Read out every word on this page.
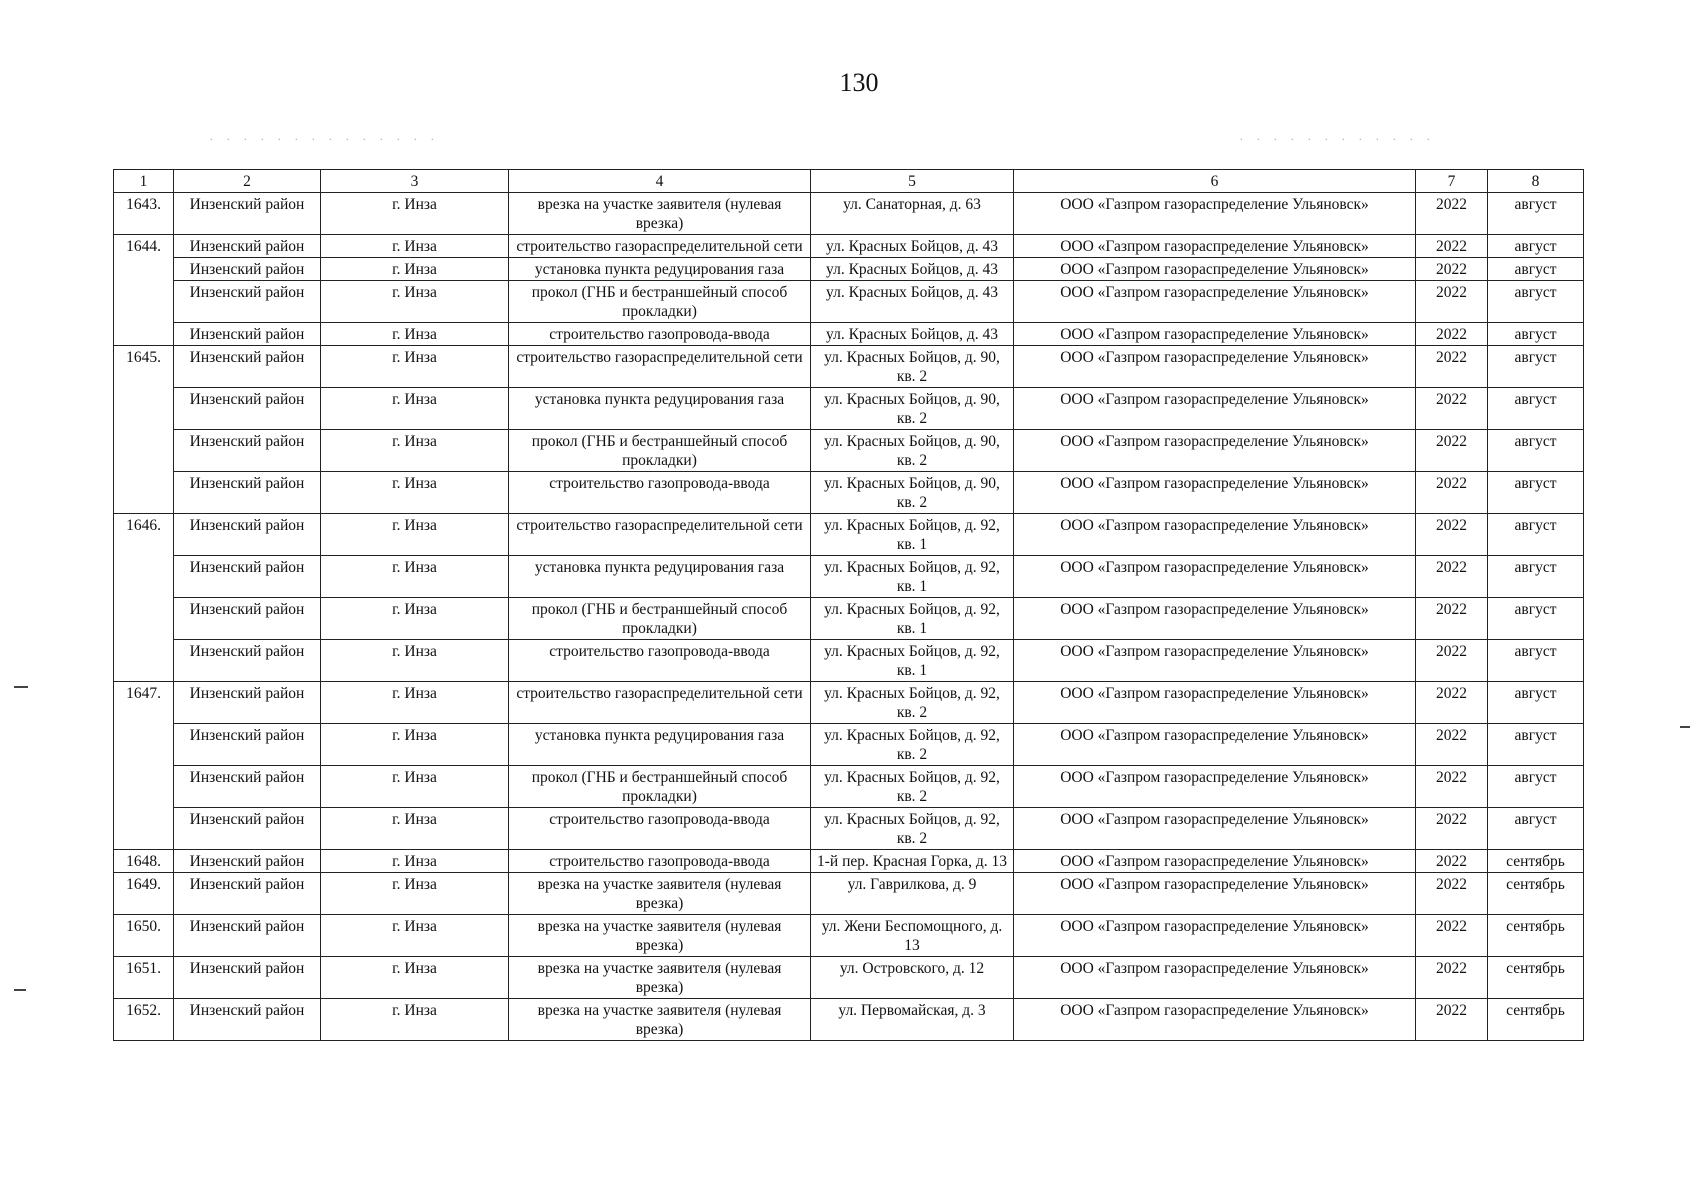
130
. . . . . . . . . . . . . .	. . . . . . . . . . . .
1	2	3	4	5	6	7	8
1643.	Инзенский район	г. Инза	врезка на участке заявителя (нулевая врезка)	ул. Санаторная, д. 63	ООО «Газпром газораспределение Ульяновск»	2022	август
1644.	Инзенский район	г. Инза	строительство газораспределительной сети	ул. Красных Бойцов, д. 43	ООО «Газпром газораспределение Ульяновск»	2022	август
	Инзенский район	г. Инза	установка пункта редуцирования газа	ул. Красных Бойцов, д. 43	ООО «Газпром газораспределение Ульяновск»	2022	август
	Инзенский район	г. Инза	прокол (ГНБ и бестраншейный способ прокладки)	ул. Красных Бойцов, д. 43	ООО «Газпром газораспределение Ульяновск»	2022	август
	Инзенский район	г. Инза	строительство газопровода-ввода	ул. Красных Бойцов, д. 43	ООО «Газпром газораспределение Ульяновск»	2022	август
1645.	Инзенский район	г. Инза	строительство газораспределительной сети	ул. Красных Бойцов, д. 90, кв. 2	ООО «Газпром газораспределение Ульяновск»	2022	август
	Инзенский район	г. Инза	установка пункта редуцирования газа	ул. Красных Бойцов, д. 90, кв. 2	ООО «Газпром газораспределение Ульяновск»	2022	август
	Инзенский район	г. Инза	прокол (ГНБ и бестраншейный способ прокладки)	ул. Красных Бойцов, д. 90, кв. 2	ООО «Газпром газораспределение Ульяновск»	2022	август
	Инзенский район	г. Инза	строительство газопровода-ввода	ул. Красных Бойцов, д. 90, кв. 2	ООО «Газпром газораспределение Ульяновск»	2022	август
1646.	Инзенский район	г. Инза	строительство газораспределительной сети	ул. Красных Бойцов, д. 92, кв. 1	ООО «Газпром газораспределение Ульяновск»	2022	август
	Инзенский район	г. Инза	установка пункта редуцирования газа	ул. Красных Бойцов, д. 92, кв. 1	ООО «Газпром газораспределение Ульяновск»	2022	август
	Инзенский район	г. Инза	прокол (ГНБ и бестраншейный способ прокладки)	ул. Красных Бойцов, д. 92, кв. 1	ООО «Газпром газораспределение Ульяновск»	2022	август
	Инзенский район	г. Инза	строительство газопровода-ввода	ул. Красных Бойцов, д. 92, кв. 1	ООО «Газпром газораспределение Ульяновск»	2022	август
1647.	Инзенский район	г. Инза	строительство газораспределительной сети	ул. Красных Бойцов, д. 92, кв. 2	ООО «Газпром газораспределение Ульяновск»	2022	август
	Инзенский район	г. Инза	установка пункта редуцирования газа	ул. Красных Бойцов, д. 92, кв. 2	ООО «Газпром газораспределение Ульяновск»	2022	август
	Инзенский район	г. Инза	прокол (ГНБ и бестраншейный способ прокладки)	ул. Красных Бойцов, д. 92, кв. 2	ООО «Газпром газораспределение Ульяновск»	2022	август
	Инзенский район	г. Инза	строительство газопровода-ввода	ул. Красных Бойцов, д. 92, кв. 2	ООО «Газпром газораспределение Ульяновск»	2022	август
1648.	Инзенский район	г. Инза	строительство газопровода-ввода	1-й пер. Красная Горка, д. 13	ООО «Газпром газораспределение Ульяновск»	2022	сентябрь
1649.	Инзенский район	г. Инза	врезка на участке заявителя (нулевая врезка)	ул. Гаврилкова, д. 9	ООО «Газпром газораспределение Ульяновск»	2022	сентябрь
1650.	Инзенский район	г. Инза	врезка на участке заявителя (нулевая врезка)	ул. Жени Беспомощного, д. 13	ООО «Газпром газораспределение Ульяновск»	2022	сентябрь
1651.	Инзенский район	г. Инза	врезка на участке заявителя (нулевая врезка)	ул. Островского, д. 12	ООО «Газпром газораспределение Ульяновск»	2022	сентябрь
1652.	Инзенский район	г. Инза	врезка на участке заявителя (нулевая врезка)	ул. Первомайская, д. 3	ООО «Газпром газораспределение Ульяновск»	2022	сентябрь
